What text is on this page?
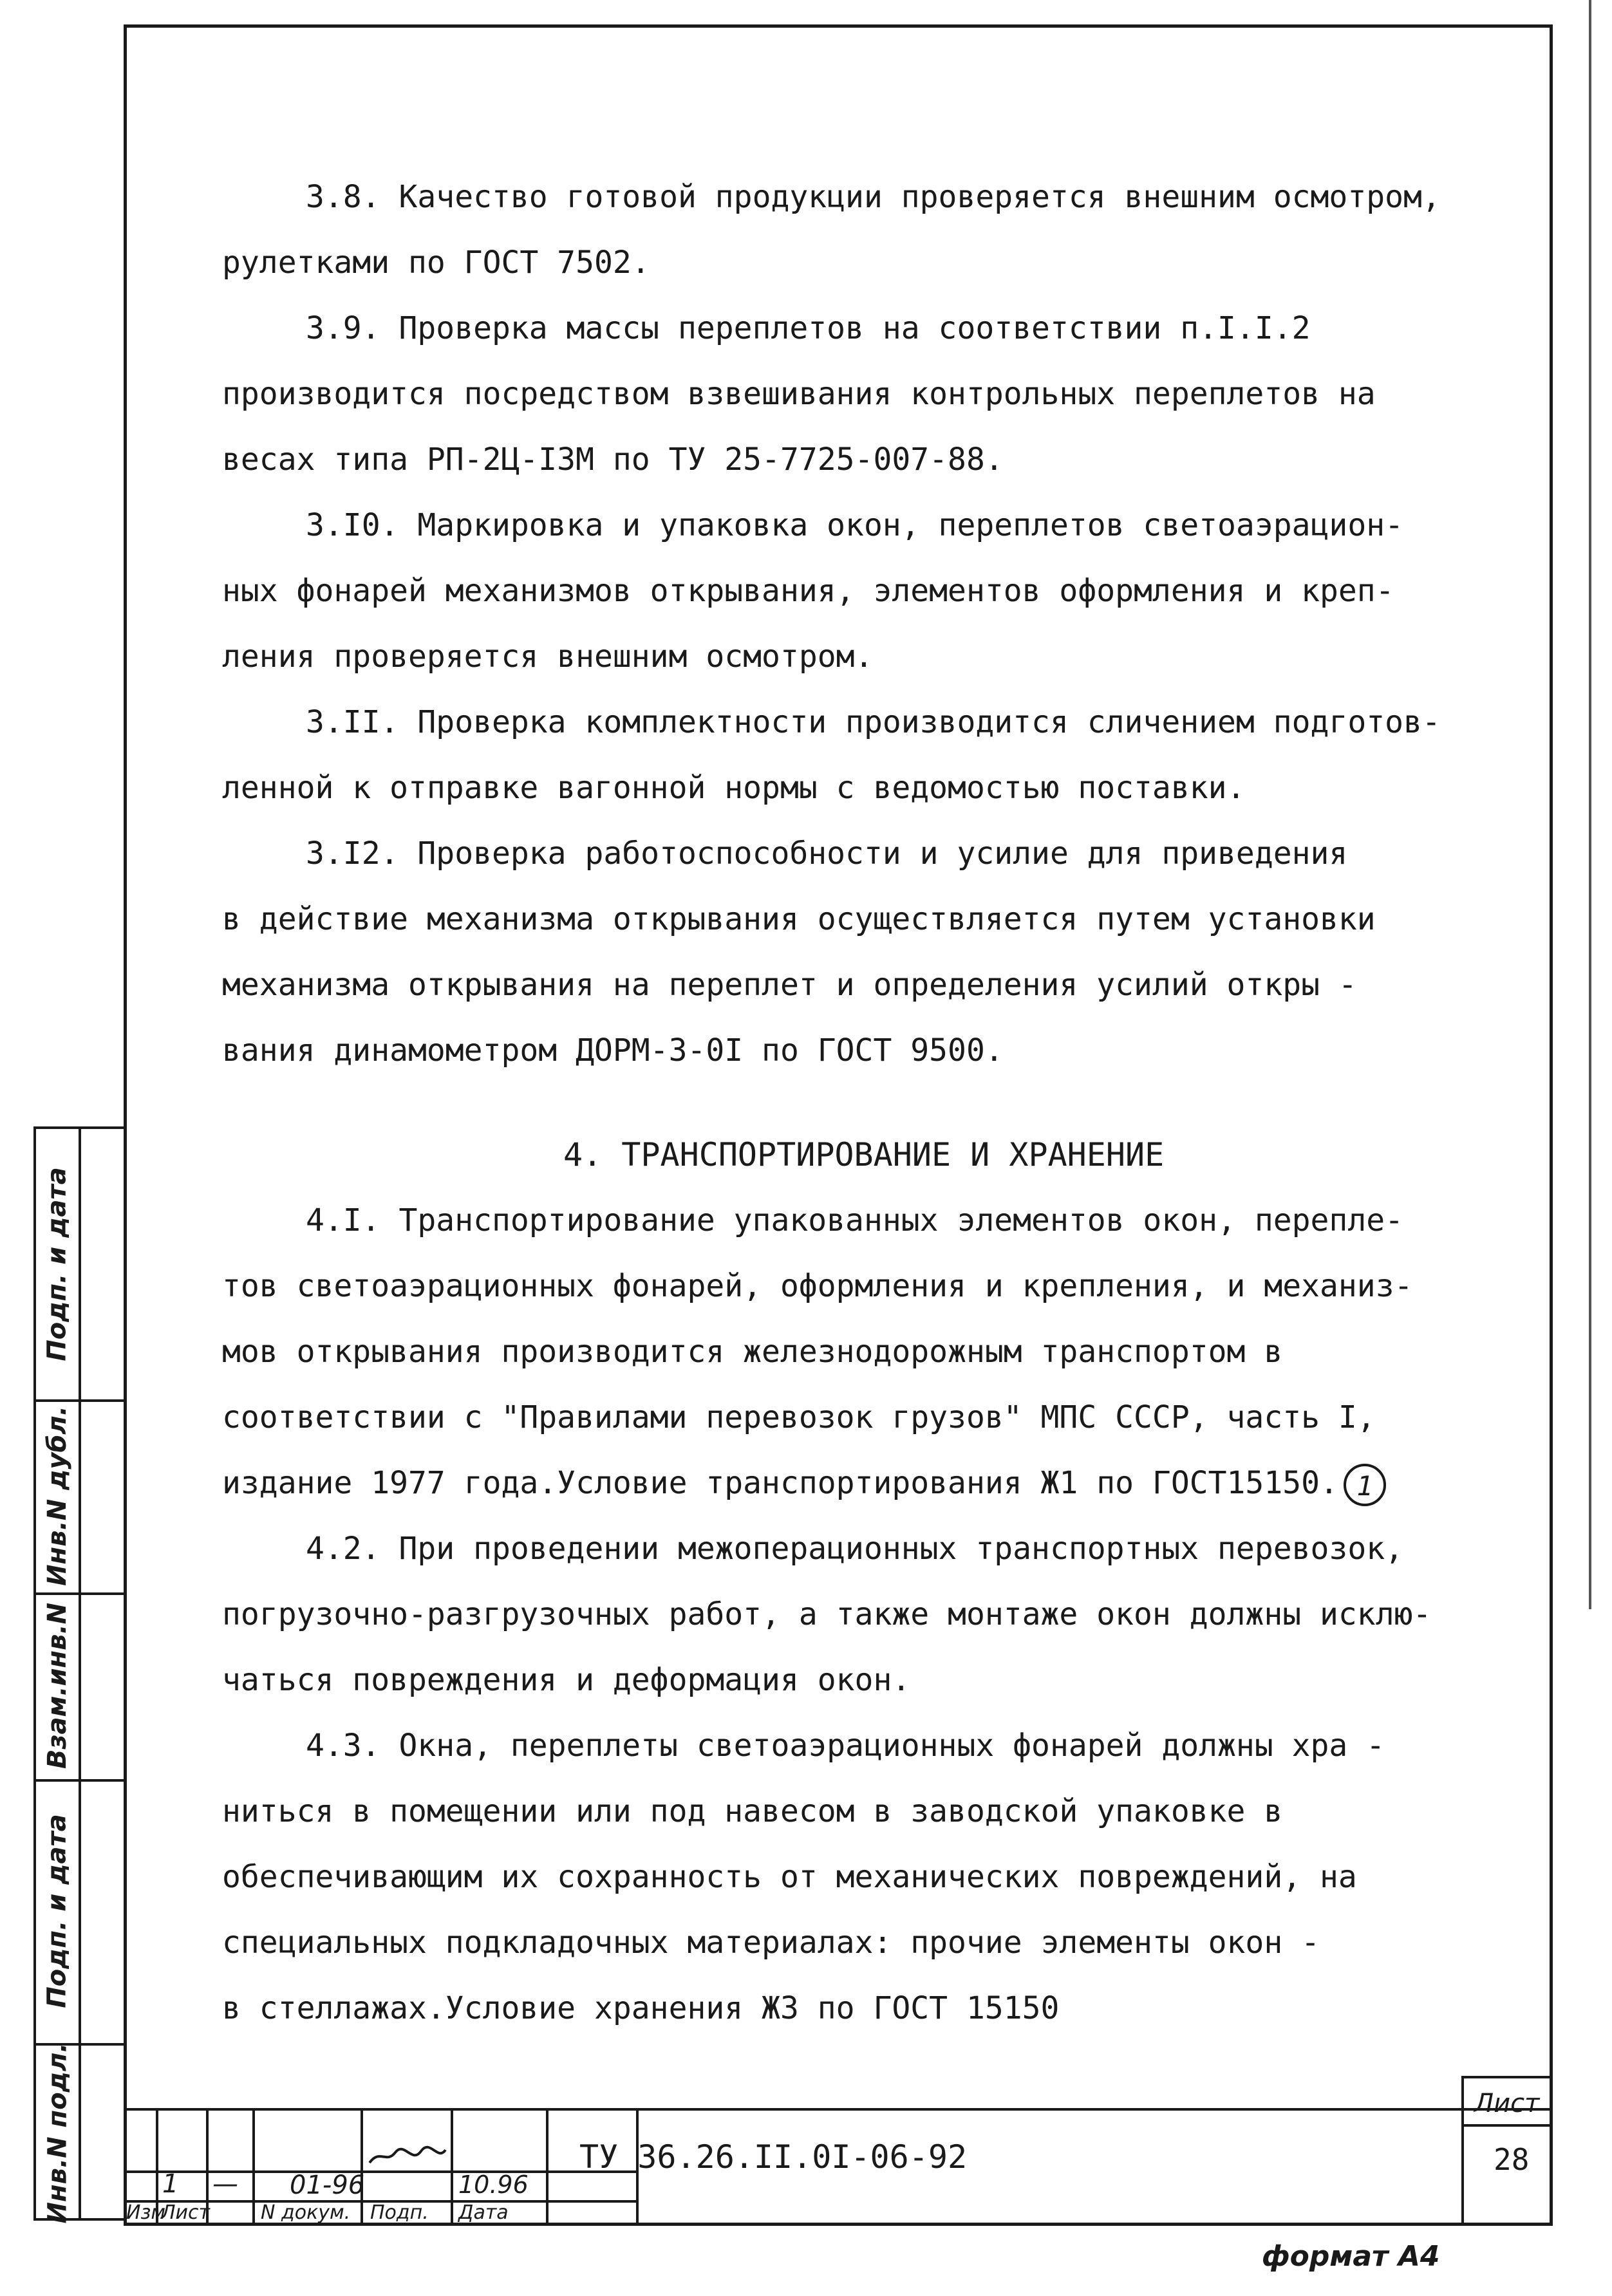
3.8. Качество готовой продукции проверяется внешним осмотром,
рулетками по ГОСТ 7502.
3.9. Проверка массы переплетов на соответствии п.I.I.2
производится посредством взвешивания контрольных переплетов на
весах типа РП-2Ц-I3М по ТУ 25-7725-007-88.
3.I0. Маркировка и упаковка окон, переплетов светоаэрацион-
ных фонарей механизмов открывания, элементов оформления и креп-
ления проверяется внешним осмотром.
3.II. Проверка комплектности производится сличением подготов-
ленной к отправке вагонной нормы с ведомостью поставки.
3.I2. Проверка работоспособности и усилие для приведения
в действие механизма открывания осуществляется путем установки
механизма открывания на переплет и определения усилий откры -
вания динамометром ДОРМ-3-0I по ГОСТ 9500.
4. ТРАНСПОРТИРОВАНИЕ И ХРАНЕНИЕ
4.I. Транспортирование упакованных элементов окон, перепле-
тов светоаэрационных фонарей, оформления и крепления, и механиз-
мов открывания производится железнодорожным транспортом в
соответствии с "Правилами перевозок грузов" МПС СССР, часть I,
издание 1977 года.Условие транспортирования Ж1 по ГОСТ15150. 1
4.2. При проведении межоперационных транспортных перевозок,
погрузочно-разгрузочных работ, а также монтаже окон должны исклю-
чаться повреждения и деформация окон.
4.3. Окна, переплеты светоаэрационных фонарей должны хра -
ниться в помещении или под навесом в заводской упаковке в
обеспечивающим их сохранность от механических повреждений, на
специальных подкладочных материалах: прочие элементы окон -
в стеллажах.Условие хранения Ж3 по ГОСТ 15150
Подп. и дата
Инв.N дубл.
Взам.инв.N
Подп. и дата
Инв.N подл.	1 — 01-96	10.96
Изм
Лист	N докум. Подп. Дата
ТУ 36.26.II.0I-06-92
Лист
28
формат А4
